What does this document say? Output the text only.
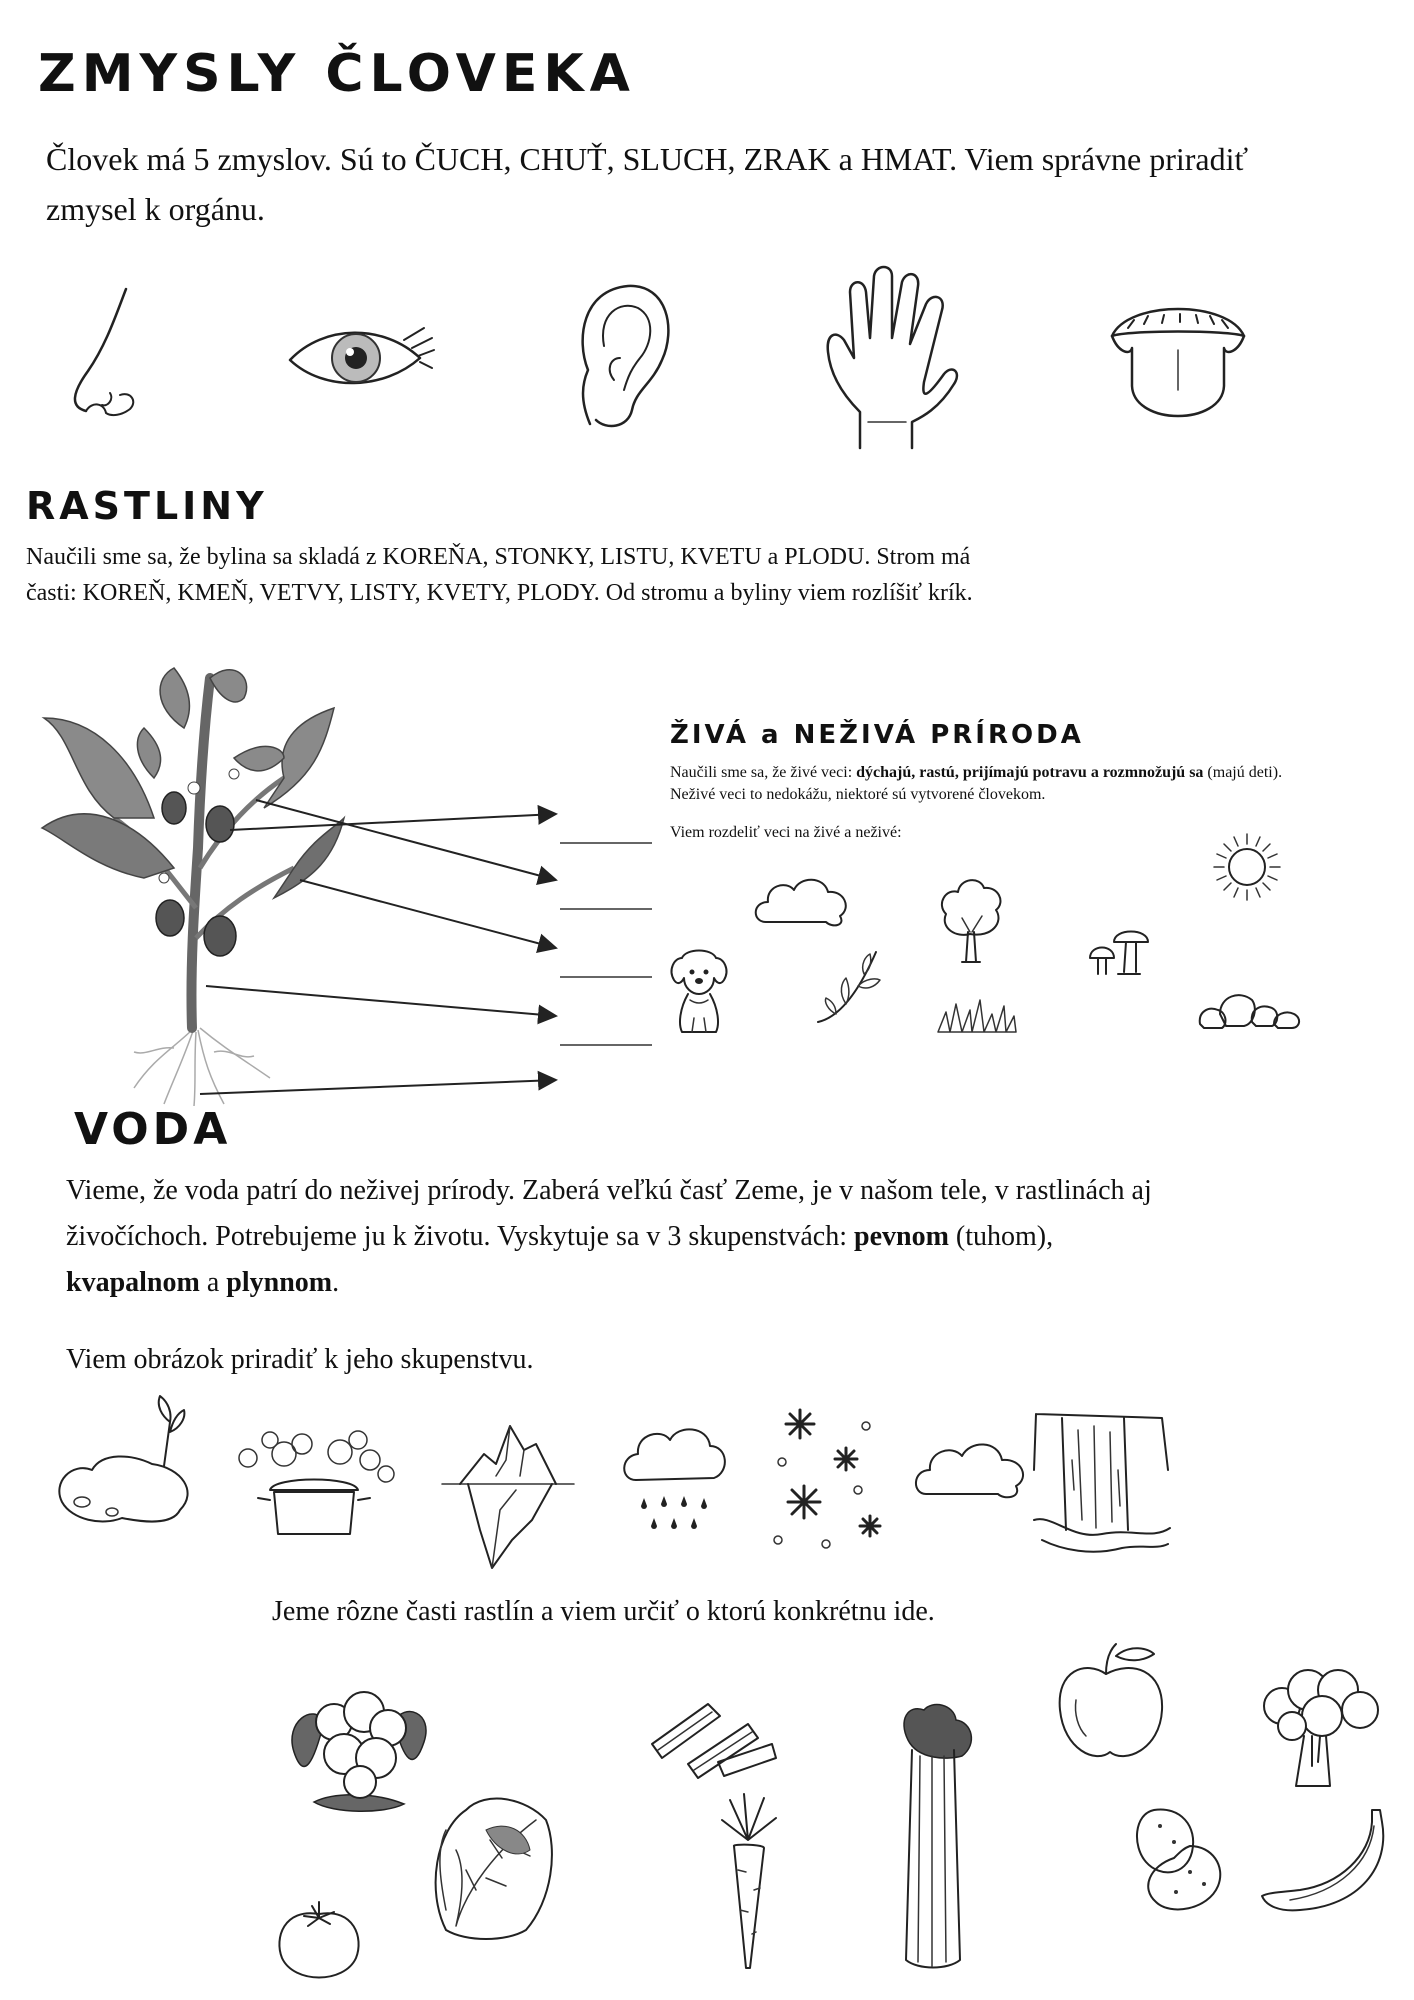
ZMYSLY ČLOVEKA
Človek má 5 zmyslov. Sú to ČUCH, CHUŤ, SLUCH, ZRAK a HMAT. Viem správne priradiť zmysel k orgánu.
RASTLINY
Naučili sme sa, že bylina sa skladá z KOREŇA, STONKY, LISTU, KVETU a PLODU. Strom má časti: KOREŇ, KMEŇ, VETVY, LISTY, KVETY, PLODY. Od stromu a byliny viem rozlíšiť krík.
ŽIVÁ a NEŽIVÁ PRÍRODA
Naučili sme sa, že živé veci: dýchajú, rastú, prijímajú potravu a rozmnožujú sa (majú deti). Neživé veci to nedokážu, niektoré sú vytvorené človekom.
Viem rozdeliť veci na živé a neživé:
VODA
Vieme, že voda patrí do neživej prírody. Zaberá veľkú časť Zeme, je v našom tele, v rastlinách aj živočíchoch. Potrebujeme ju k životu. Vyskytuje sa v 3 skupenstvách: pevnom (tuhom), kvapalnom a plynnom.
Viem obrázok priradiť k jeho skupenstvu.
Jeme rôzne časti rastlín a viem určiť o ktorú konkrétnu ide.
